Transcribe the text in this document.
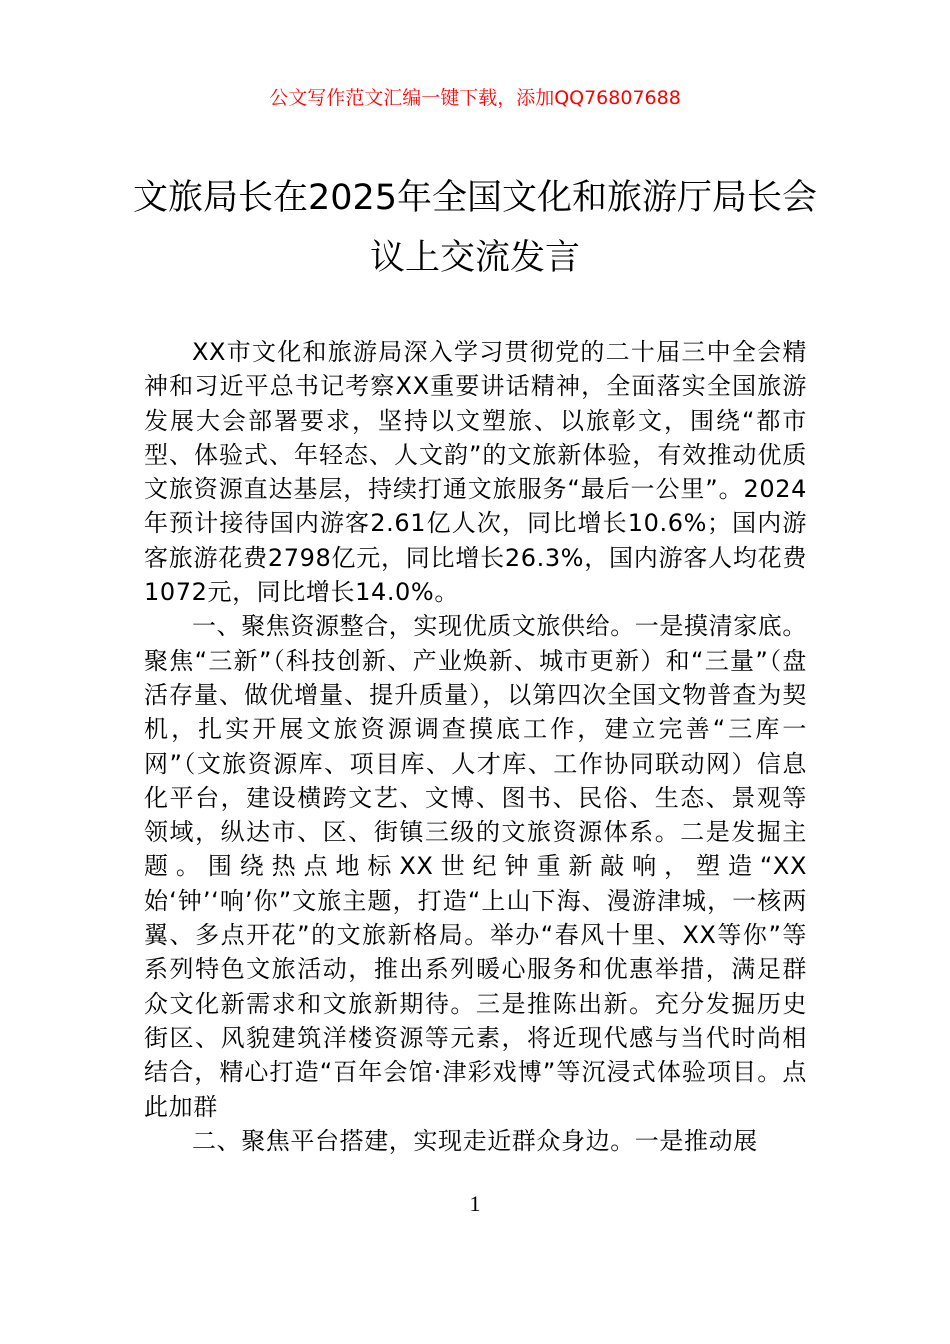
公文写作范文汇编一键下载，添加QQ76807688
文旅局长在2025年全国文化和旅游厅局长会议上交流发言

XX市文化和旅游局深入学习贯彻党的二十届三中全会精神和习近平总书记考察XX重要讲话精神，全面落实全国旅游发展大会部署要求，坚持以文塑旅、以旅彰文，围绕“都市型、体验式、年轻态、人文韵”的文旅新体验，有效推动优质文旅资源直达基层，持续打通文旅服务“最后一公里”。2024年预计接待国内游客2.61亿人次，同比增长10.6%；国内游客旅游花费2798亿元，同比增长26.3%，国内游客人均花费1072元，同比增长14.0%。

一、聚焦资源整合，实现优质文旅供给。一是摸清家底。聚焦“三新”（科技创新、产业焕新、城市更新）和“三量”（盘活存量、做优增量、提升质量），以第四次全国文物普查为契机，扎实开展文旅资源调查摸底工作，建立完善“三库一网”（文旅资源库、项目库、人才库、工作协同联动网）信息化平台，建设横跨文艺、文博、图书、民俗、生态、景观等领域，纵达市、区、街镇三级的文旅资源体系。二是发掘主题。围绕热点地标XX世纪钟重新敲响，塑造“XX始‘钟’‘响’你”文旅主题，打造“上山下海、漫游津城，一核两翼、多点开花”的文旅新格局。举办“春风十里、XX等你”等系列特色文旅活动，推出系列暖心服务和优惠举措，满足群众文化新需求和文旅新期待。三是推陈出新。充分发掘历史街区、风貌建筑洋楼资源等元素，将近现代感与当代时尚相结合，精心打造“百年会馆·津彩戏博”等沉浸式体验项目。点此加群

二、聚焦平台搭建，实现走近群众身边。一是推动展

1
